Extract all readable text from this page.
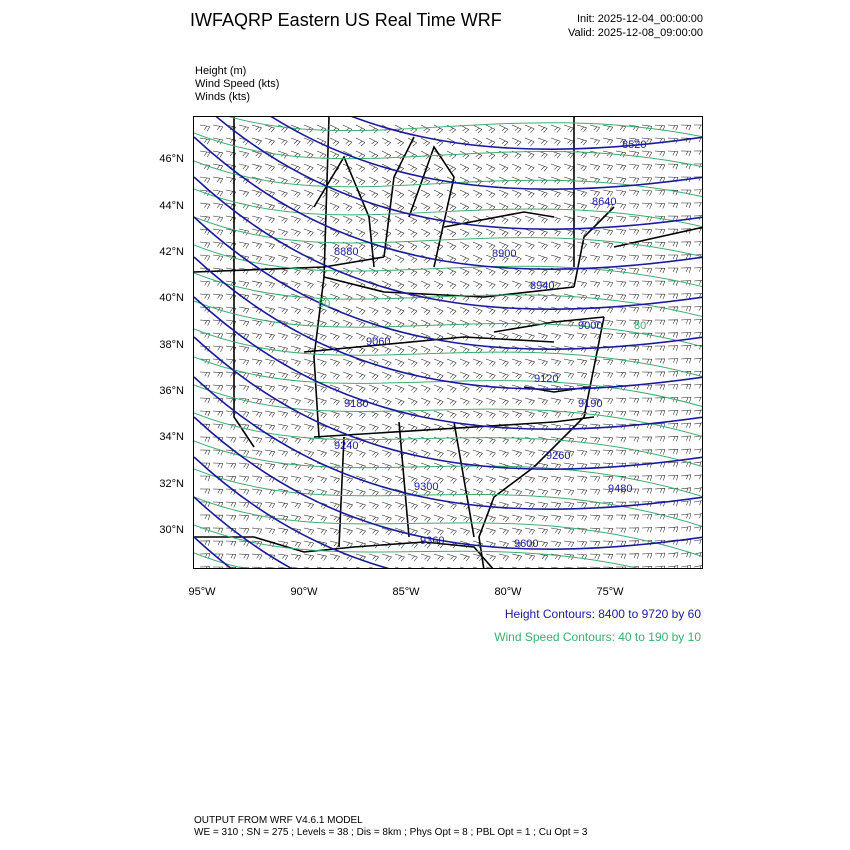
IWFAQRP Eastern US Real Time WRF	Init: 2025-12-04_00:00:00
Valid: 2025-12-08_09:00:00
Height (m)
Wind Speed (kts)
Winds (kts)
8520
8640
8880	8900
8940
9000
9060
9120
9180	9190
9240
9260
9300
9360
9480
9600
60
80
46°N
44°N
42°N
40°N
38°N
36°N
34°N
32°N
30°N
95°W	90°W	85°W	80°W	75°W
Height Contours: 8400 to 9720 by 60
Wind Speed Contours: 40 to 190 by 10
OUTPUT FROM WRF V4.6.1 MODEL
WE = 310 ; SN = 275 ; Levels = 38 ; Dis = 8km ; Phys Opt = 8 ; PBL Opt = 1 ; Cu Opt = 3
